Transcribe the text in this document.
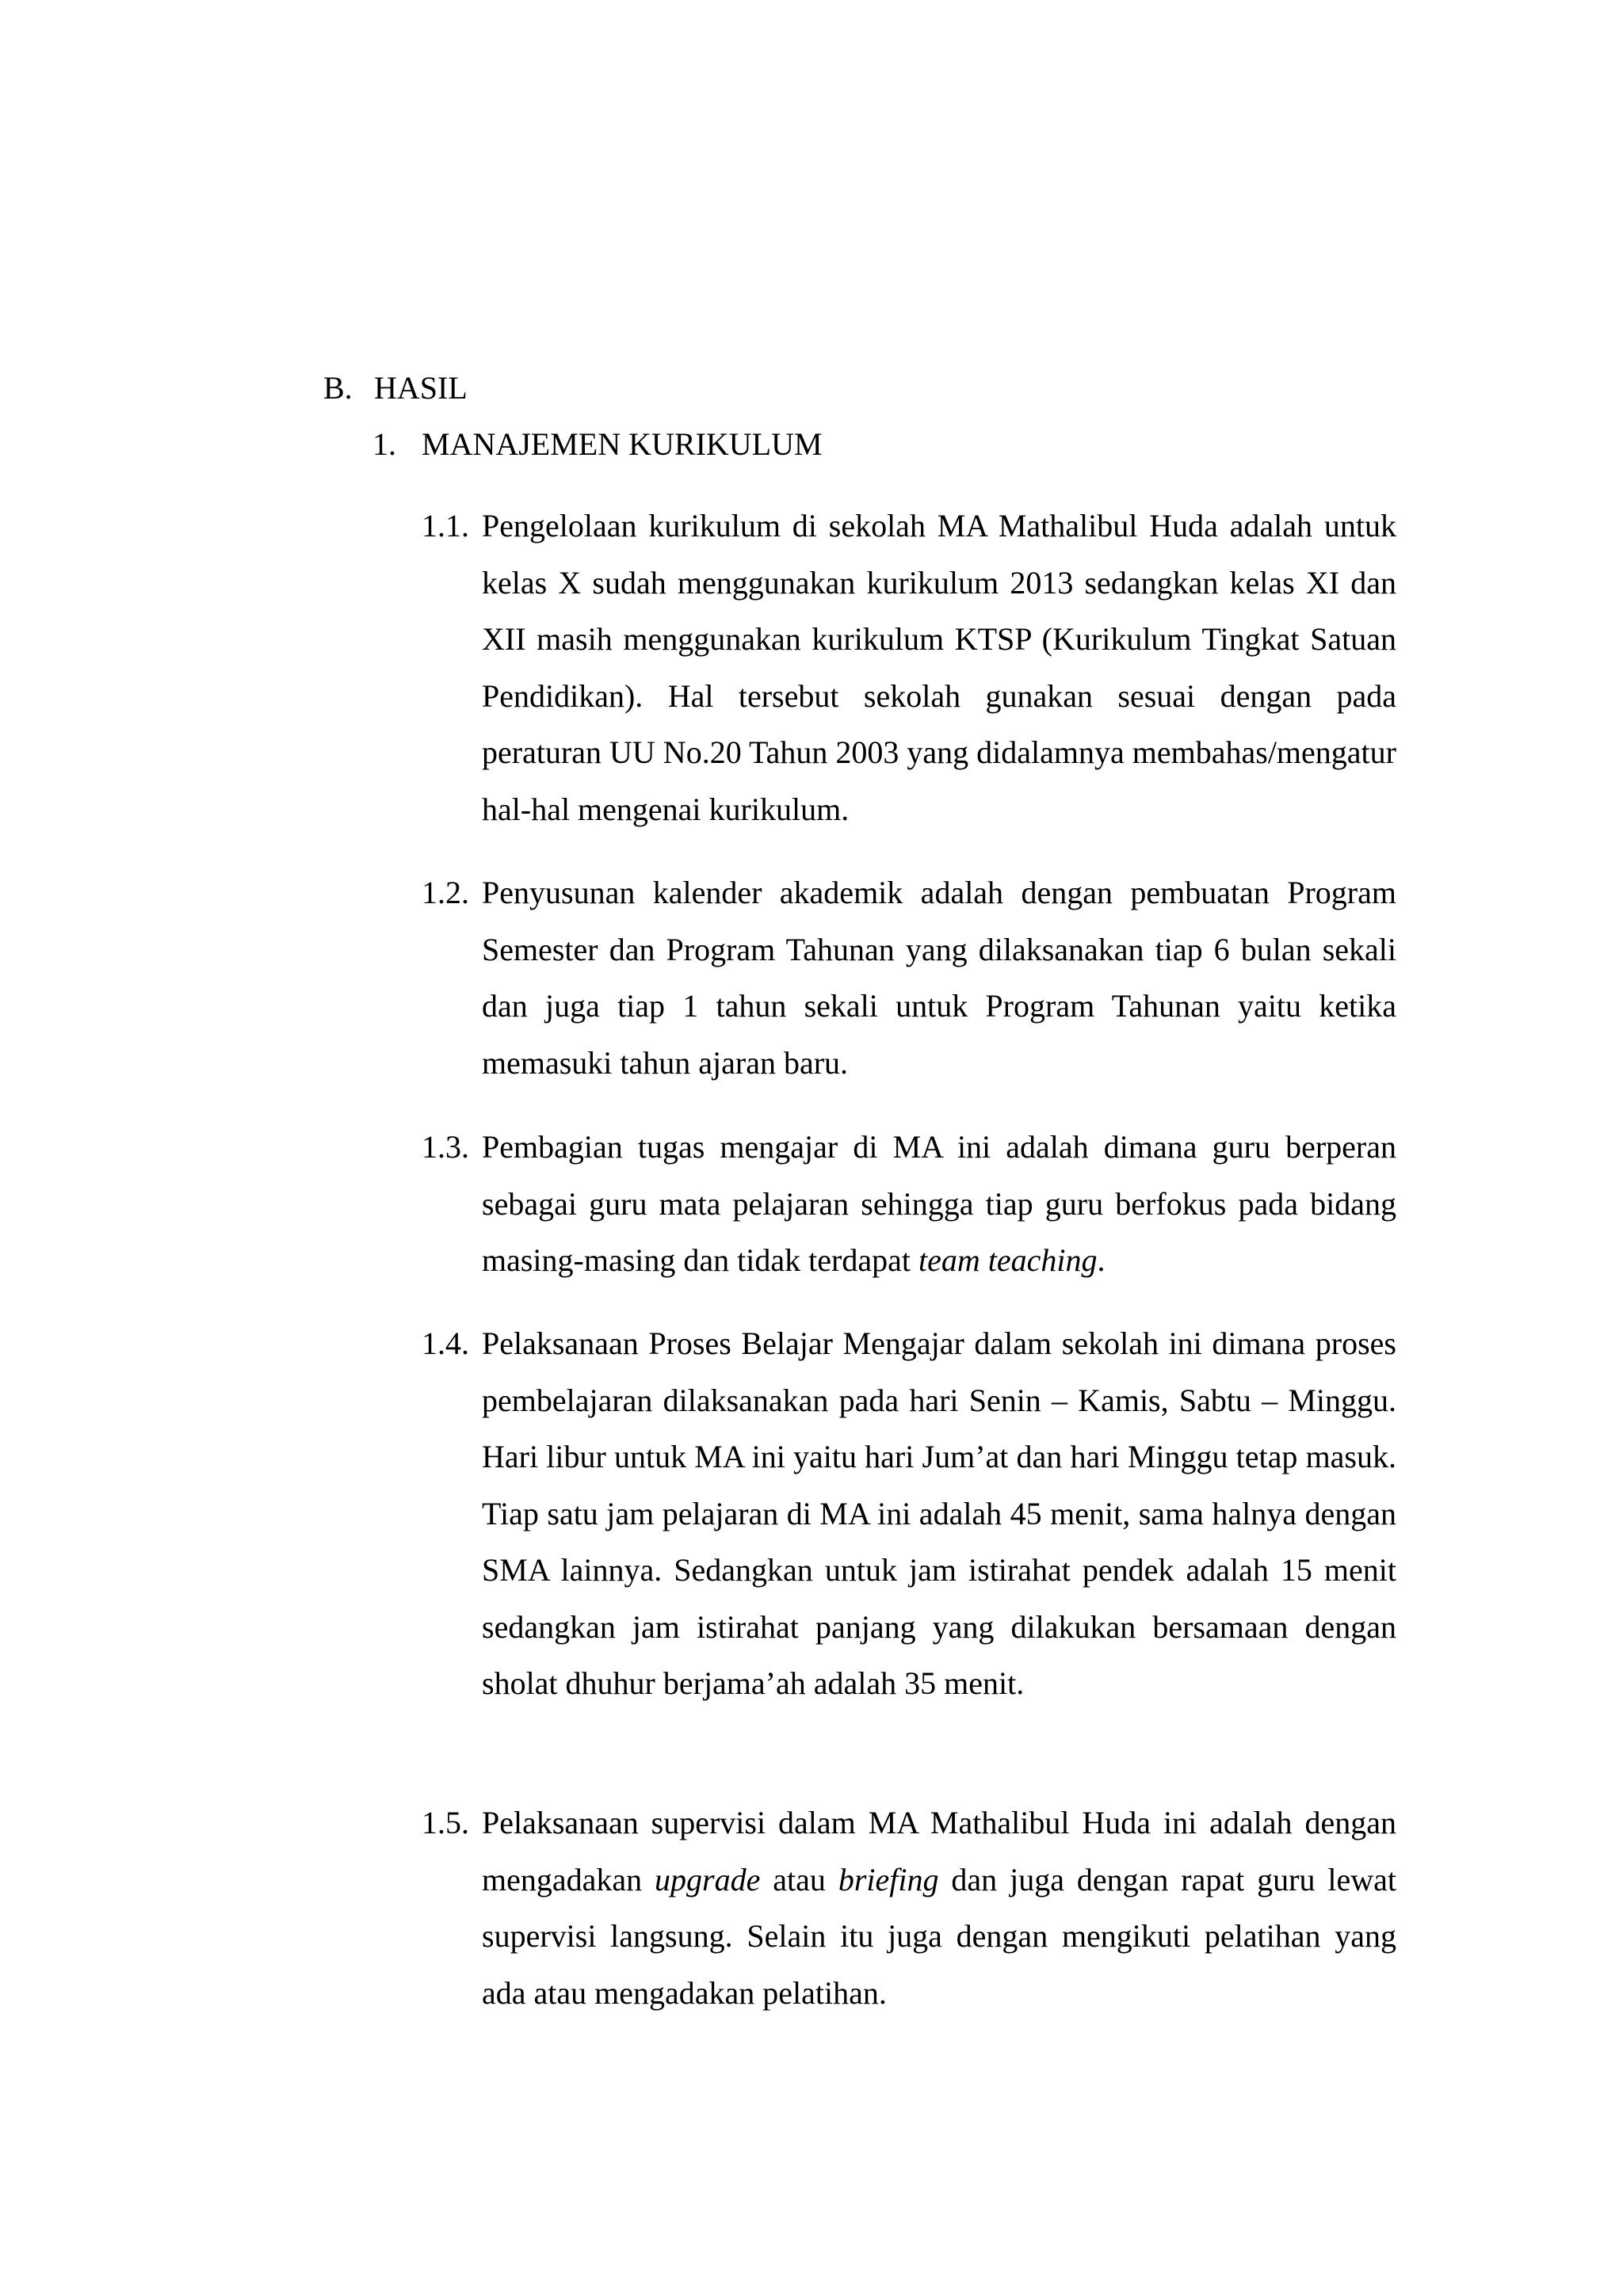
B. HASIL
1. MANAJEMEN KURIKULUM
1.1. Pengelolaan kurikulum di sekolah MA Mathalibul Huda adalah untuk kelas X sudah menggunakan kurikulum 2013 sedangkan kelas XI dan XII masih menggunakan kurikulum KTSP (Kurikulum Tingkat Satuan Pendidikan). Hal tersebut sekolah gunakan sesuai dengan pada peraturan UU No.20 Tahun 2003 yang didalamnya membahas/mengatur hal-hal mengenai kurikulum.
1.2. Penyusunan kalender akademik adalah dengan pembuatan Program Semester dan Program Tahunan yang dilaksanakan tiap 6 bulan sekali dan juga tiap 1 tahun sekali untuk Program Tahunan yaitu ketika memasuki tahun ajaran baru.
1.3. Pembagian tugas mengajar di MA ini adalah dimana guru berperan sebagai guru mata pelajaran sehingga tiap guru berfokus pada bidang masing-masing dan tidak terdapat team teaching.
1.4. Pelaksanaan Proses Belajar Mengajar dalam sekolah ini dimana proses pembelajaran dilaksanakan pada hari Senin – Kamis, Sabtu – Minggu. Hari libur untuk MA ini yaitu hari Jum’at dan hari Minggu tetap masuk. Tiap satu jam pelajaran di MA ini adalah 45 menit, sama halnya dengan SMA lainnya. Sedangkan untuk jam istirahat pendek adalah 15 menit sedangkan jam istirahat panjang yang dilakukan bersamaan dengan sholat dhuhur berjama’ah adalah 35 menit.
1.5. Pelaksanaan supervisi dalam MA Mathalibul Huda ini adalah dengan mengadakan upgrade atau briefing dan juga dengan rapat guru lewat supervisi langsung. Selain itu juga dengan mengikuti pelatihan yang ada atau mengadakan pelatihan.
